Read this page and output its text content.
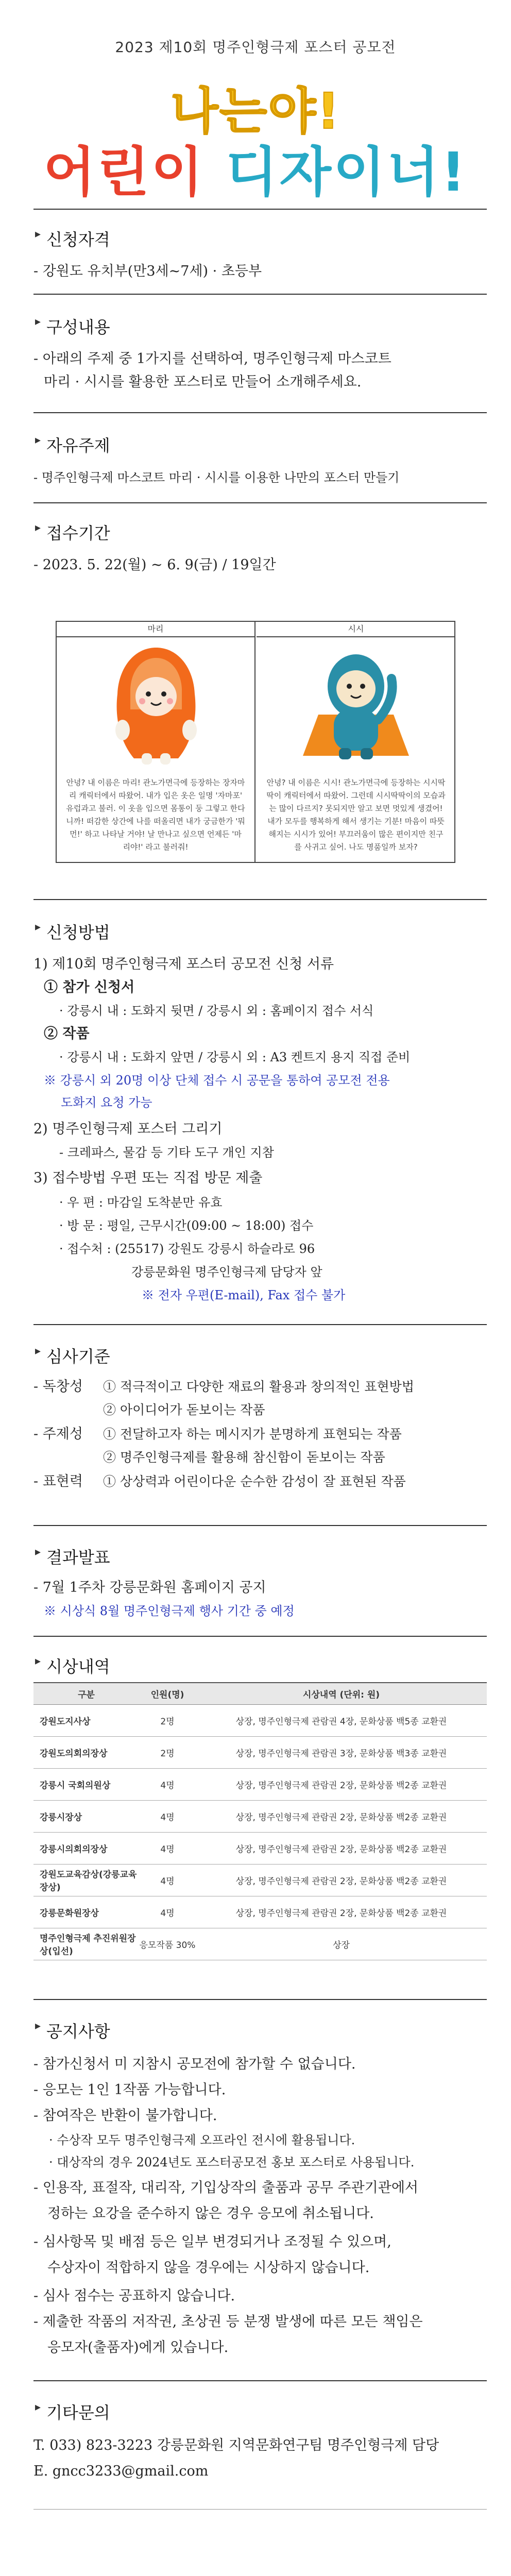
2023 제10회 명주인형극제 포스터 공모전
나는야!
어린이 디자이너!
▸ 신청자격
- 강원도 유치부(만3세~7세) · 초등부
▸ 구성내용
- 아래의 주제 중 1가지를 선택하여, 명주인형극제 마스코트
마리 · 시시를 활용한 포스터로 만들어 소개해주세요.
▸ 자유주제
- 명주인형극제 마스코트 마리 · 시시를 이용한 나만의 포스터 만들기
▸ 접수기간
- 2023. 5. 22(월) ~ 6. 9(금) / 19일간
마리
안녕? 내 이름은 마리! 관노가면극에 등장하는 장자마리 캐릭터에서 따왔어. 내가 입은 옷은 일명 '자마포' 유럽과고 불러. 이 옷을 입으면 몸통이 둥 그렇고 한다니까! 떠감한 상간에 나를 떠올리면 내가 궁금한가 '뭐먼!' 하고 나타날 거야! 날 만나고 싶으면 언제든 '마리야!' 라고 불러줘!
시시
안녕? 내 이름은 시시! 관노가면극에 등장하는 시시딱딱이 캐릭터에서 따왔어. 그런데 시시딱딱이의 모습과는 많이 다르지? 못되지만 알고 보면 멋있게 생겼어! 내가 모두를 행복하게 해서 생기는 기분! 마음이 따뜻해지는 시시가 있어! 부끄러움이 많은 편이지만 친구를 사귀고 싶어. 나도 명품일까 보자?
▸ 신청방법
1) 제10회 명주인형극제 포스터 공모전 신청 서류
① 참가 신청서
· 강릉시 내 : 도화지 뒷면 / 강릉시 외 : 홈페이지 접수 서식
② 작품
· 강릉시 내 : 도화지 앞면 / 강릉시 외 : A3 켄트지 용지 직접 준비
※ 강릉시 외 20명 이상 단체 접수 시 공문을 통하여 공모전 전용
도화지 요청 가능
2) 명주인형극제 포스터 그리기
- 크레파스, 물감 등 기타 도구 개인 지참
3) 접수방법 우편 또는 직접 방문 제출
· 우 편 : 마감일 도착분만 유효
· 방 문 : 평일, 근무시간(09:00 ~ 18:00) 접수
· 접수처 : (25517) 강원도 강릉시 하슬라로 96
강릉문화원 명주인형극제 담당자 앞
※ 전자 우편(E-mail), Fax 접수 불가
▸ 심사기준
- 독창성 ① 적극적이고 다양한 재료의 활용과 창의적인 표현방법
② 아이디어가 돋보이는 작품
- 주제성 ① 전달하고자 하는 메시지가 분명하게 표현되는 작품
② 명주인형극제를 활용해 참신함이 돋보이는 작품
- 표현력 ① 상상력과 어린이다운 순수한 감성이 잘 표현된 작품
▸ 결과발표
- 7월 1주차 강릉문화원 홈페이지 공지
※ 시상식 8월 명주인형극제 행사 기간 중 예정
▸ 시상내역
구분	인원(명)	시상내역 (단위: 원)
강원도지사상	2명	상장, 명주인형극제 관람권 4장, 문화상품 백5종 교환권
강원도의회의장상	2명	상장, 명주인형극제 관람권 3장, 문화상품 백3종 교환권
강릉시 국회의원상	4명	상장, 명주인형극제 관람권 2장, 문화상품 백2종 교환권
강릉시장상	4명	상장, 명주인형극제 관람권 2장, 문화상품 백2종 교환권
강릉시의회의장상	4명	상장, 명주인형극제 관람권 2장, 문화상품 백2종 교환권
강원도교육감상(강릉교육장상)	4명	상장, 명주인형극제 관람권 2장, 문화상품 백2종 교환권
강릉문화원장상	4명	상장, 명주인형극제 관람권 2장, 문화상품 백2종 교환권
명주인형극제 추진위원장상(입선)	응모작품 30%	상장
▸ 공지사항
- 참가신청서 미 지참시 공모전에 참가할 수 없습니다.
- 응모는 1인 1작품 가능합니다.
- 참여작은 반환이 불가합니다.
· 수상작 모두 명주인형극제 오프라인 전시에 활용됩니다.
· 대상작의 경우 2024년도 포스터공모전 홍보 포스터로 사용됩니다.
- 인용작, 표절작, 대리작, 기입상작의 출품과 공무 주관기관에서
정하는 요강을 준수하지 않은 경우 응모에 취소됩니다.
- 심사항목 및 배점 등은 일부 변경되거나 조정될 수 있으며,
수상자이 적합하지 않을 경우에는 시상하지 않습니다.
- 심사 점수는 공표하지 않습니다.
- 제출한 작품의 저작권, 초상권 등 분쟁 발생에 따른 모든 책임은
응모자(출품자)에게 있습니다.
▸ 기타문의
T. 033) 823-3223 강릉문화원 지역문화연구팀 명주인형극제 담당
E. gncc3233@gmail.com
